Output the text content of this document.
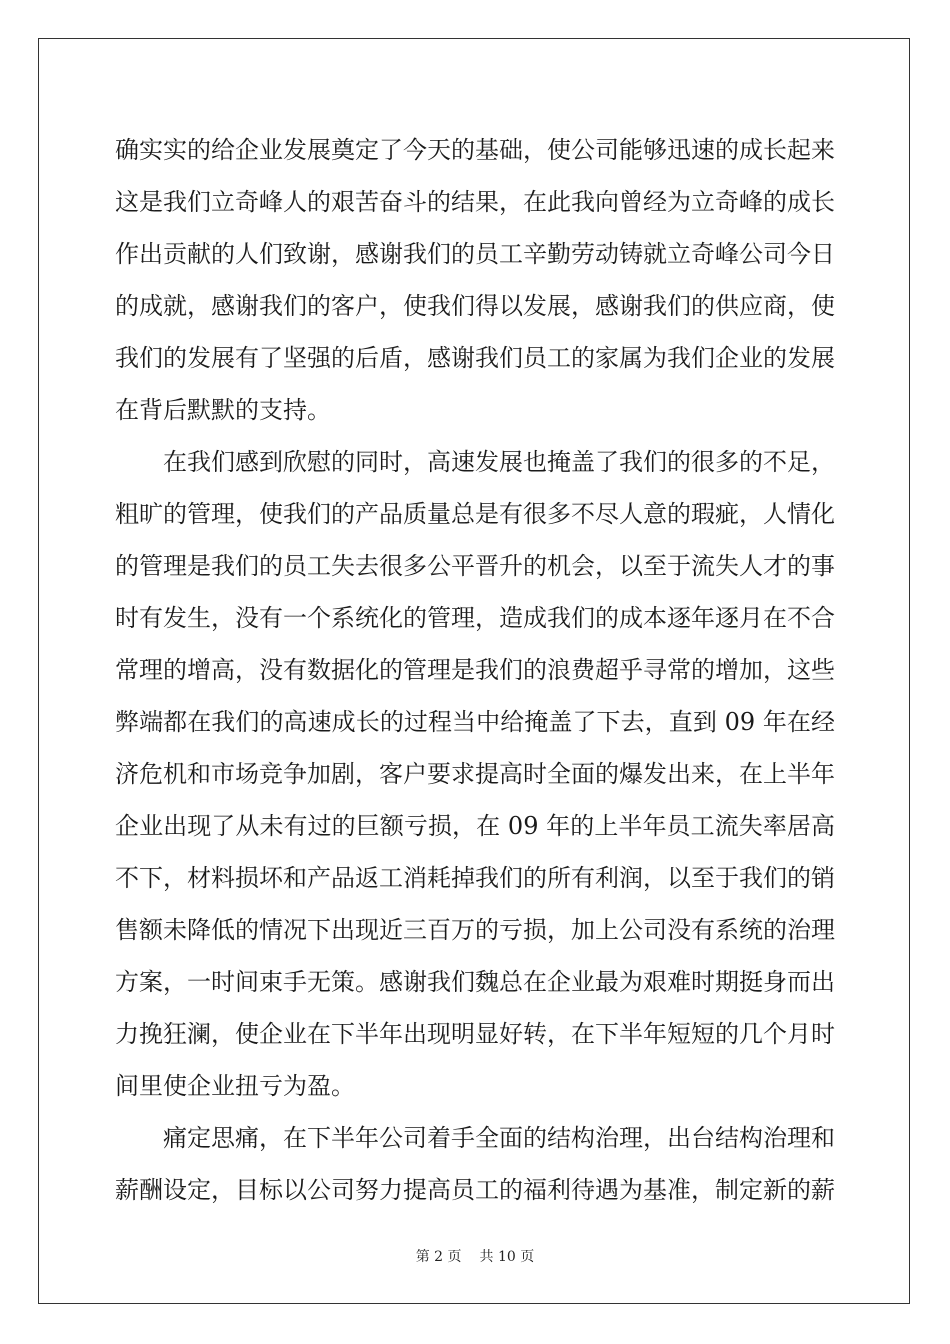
确实实的给企业发展奠定了今天的基础，使公司能够迅速的成长起来
这是我们立奇峰人的艰苦奋斗的结果，在此我向曾经为立奇峰的成长
作出贡献的人们致谢，感谢我们的员工辛勤劳动铸就立奇峰公司今日
的成就，感谢我们的客户，使我们得以发展，感谢我们的供应商，使
我们的发展有了坚强的后盾，感谢我们员工的家属为我们企业的发展
在背后默默的支持。
在我们感到欣慰的同时，高速发展也掩盖了我们的很多的不足，
粗旷的管理，使我们的产品质量总是有很多不尽人意的瑕疵，人情化
的管理是我们的员工失去很多公平晋升的机会，以至于流失人才的事
时有发生，没有一个系统化的管理，造成我们的成本逐年逐月在不合
常理的增高，没有数据化的管理是我们的浪费超乎寻常的增加，这些
弊端都在我们的高速成长的过程当中给掩盖了下去，直到 09 年在经
济危机和市场竞争加剧，客户要求提高时全面的爆发出来，在上半年
企业出现了从未有过的巨额亏损，在 09 年的上半年员工流失率居高
不下，材料损坏和产品返工消耗掉我们的所有利润，以至于我们的销
售额未降低的情况下出现近三百万的亏损，加上公司没有系统的治理
方案，一时间束手无策。感谢我们魏总在企业最为艰难时期挺身而出
力挽狂澜，使企业在下半年出现明显好转，在下半年短短的几个月时
间里使企业扭亏为盈。
痛定思痛，在下半年公司着手全面的结构治理，出台结构治理和
薪酬设定，目标以公司努力提高员工的福利待遇为基准，制定新的薪
第 2 页 共 10 页
